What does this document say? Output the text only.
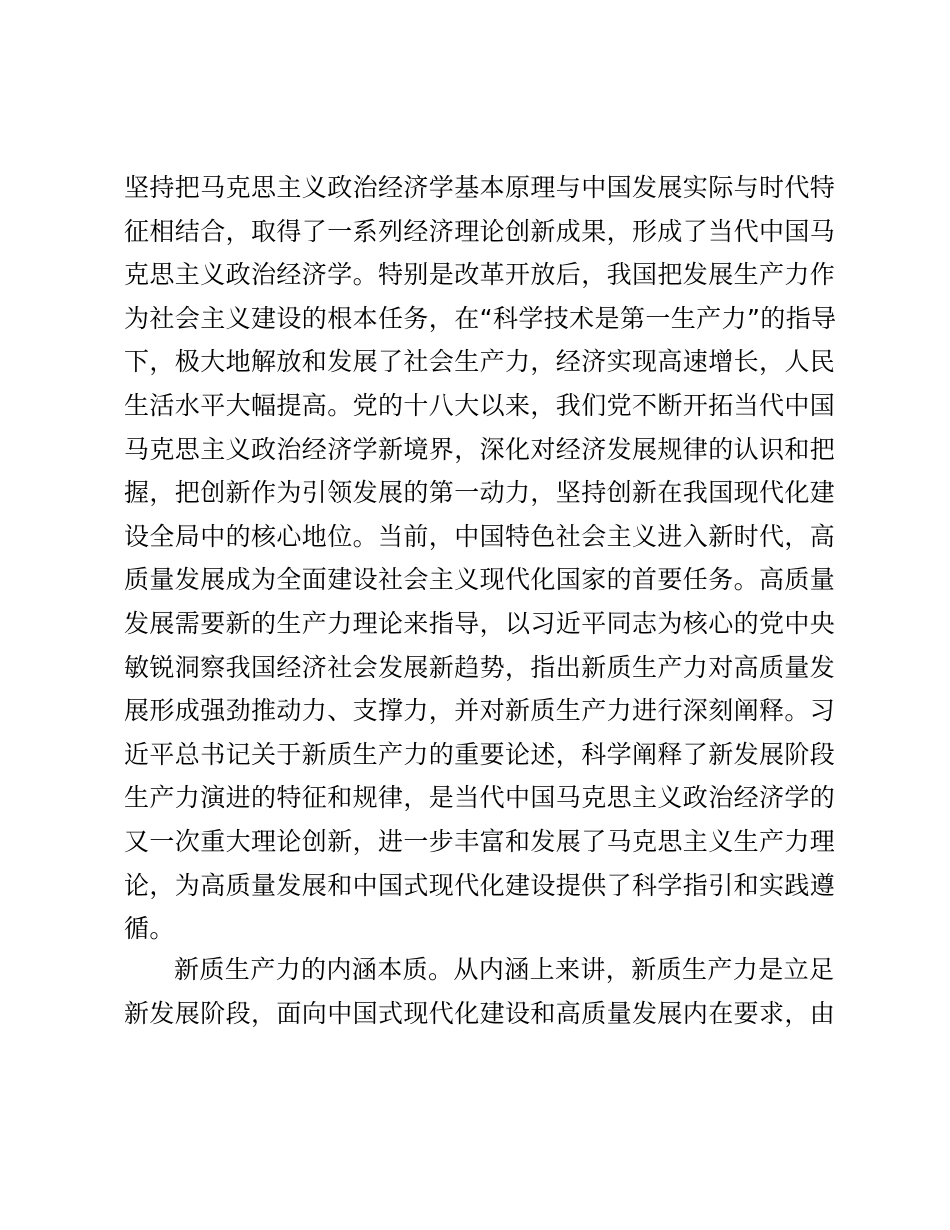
坚持把马克思主义政治经济学基本原理与中国发展实际与时代特
征相结合，取得了一系列经济理论创新成果，形成了当代中国马
克思主义政治经济学。特别是改革开放后，我国把发展生产力作
为社会主义建设的根本任务，在“科学技术是第一生产力”的指导
下，极大地解放和发展了社会生产力，经济实现高速增长，人民
生活水平大幅提高。党的十八大以来，我们党不断开拓当代中国
马克思主义政治经济学新境界，深化对经济发展规律的认识和把
握，把创新作为引领发展的第一动力，坚持创新在我国现代化建
设全局中的核心地位。当前，中国特色社会主义进入新时代，高
质量发展成为全面建设社会主义现代化国家的首要任务。高质量
发展需要新的生产力理论来指导，以习近平同志为核心的党中央
敏锐洞察我国经济社会发展新趋势，指出新质生产力对高质量发
展形成强劲推动力、支撑力，并对新质生产力进行深刻阐释。习
近平总书记关于新质生产力的重要论述，科学阐释了新发展阶段
生产力演进的特征和规律，是当代中国马克思主义政治经济学的
又一次重大理论创新，进一步丰富和发展了马克思主义生产力理
论，为高质量发展和中国式现代化建设提供了科学指引和实践遵
循。
新质生产力的内涵本质。从内涵上来讲，新质生产力是立足
新发展阶段，面向中国式现代化建设和高质量发展内在要求，由
